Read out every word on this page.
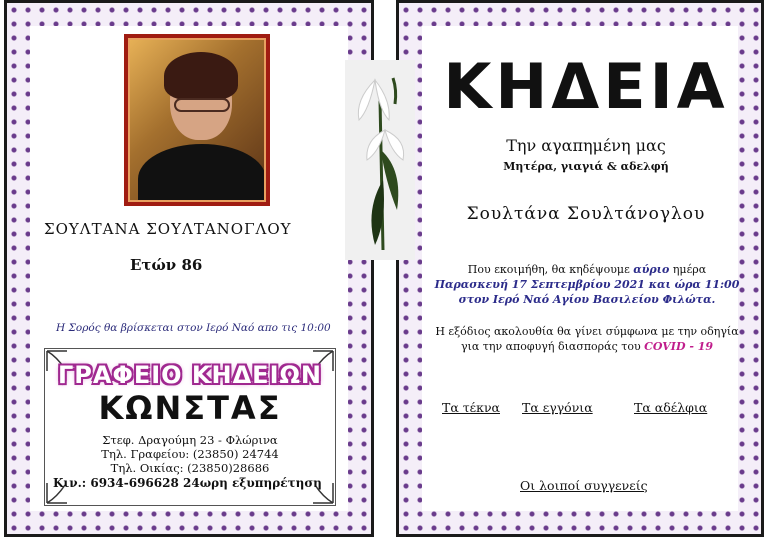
ΣΟΥΛΤΑΝΑ ΣΟΥΛΤΑΝΟΓΛΟΥ
Ετών 86
Η Σορός θα βρίσκεται στον Ιερό Ναό απο τις 10:00
ΓΡΑΦΕΙΟ ΚΗΔΕΙΩΝ
ΚΩΝΣΤΑΣ
Στεφ. Δραγούμη 23 - Φλώρινα
Τηλ. Γραφείου: (23850) 24744
Τηλ. Οικίας: (23850)28686
Κιν.: 6934-696628 24ωρη εξυπηρέτηση
ΚΗΔΕΙΑ
Την αγαπημένη μας
Μητέρα, γιαγιά & αδελφή
Σουλτάνα Σουλτάνογλου
Που εκοιμήθη, θα κηδέψουμε αύριο ημέρα
Παρασκευή 17 Σεπτεμβρίου 2021 και ώρα 11:00
στον Ιερό Ναό Αγίου Βασιλείου Φιλώτα.
Η εξόδιος ακολουθία θα γίνει σύμφωνα με την οδηγία για την αποφυγή διασποράς του COVID - 19
Τα τέκνα Τα εγγόνια	Τα αδέλφια
Οι λοιποί συγγενείς
